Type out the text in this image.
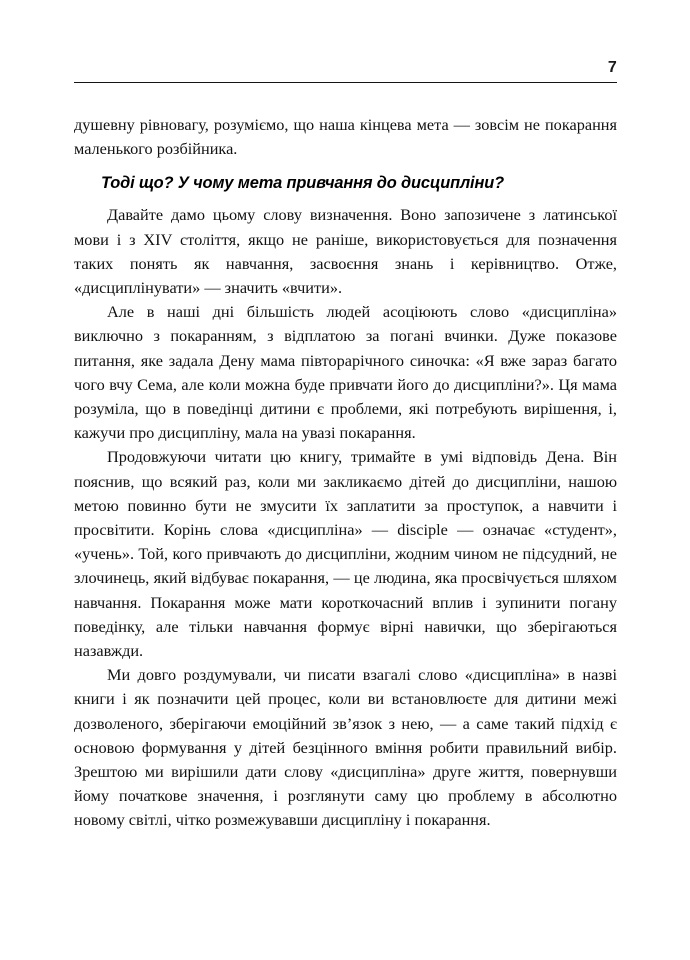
7

душевну рівновагу, розуміємо, що наша кінцева мета — зовсім не покарання маленького розбійника.

Тоді що? У чому мета привчання до дисципліни?

Давайте дамо цьому слову визначення. Воно запозичене з латинської мови і з XIV століття, якщо не раніше, використовується для позначення таких понять як навчання, засвоєння знань і керівництво. Отже, «дисциплінувати» — значить «вчити».

Але в наші дні більшість людей асоціюють слово «дисципліна» виключно з покаранням, з відплатою за погані вчинки. Дуже показове питання, яке задала Дену мама півторарічного синочка: «Я вже зараз багато чого вчу Сема, але коли можна буде привчати його до дисципліни?». Ця мама розуміла, що в поведінці дитини є проблеми, які потребують вирішення, і, кажучи про дисципліну, мала на увазі покарання.

Продовжуючи читати цю книгу, тримайте в умі відповідь Дена. Він пояснив, що всякий раз, коли ми закликаємо дітей до дисципліни, нашою метою повинно бути не змусити їх заплатити за проступок, а навчити і просвітити. Корінь слова «дисципліна» — disciple — означає «студент», «учень». Той, кого привчають до дисципліни, жодним чином не підсудний, не злочинець, який відбуває покарання, — це людина, яка просвічується шляхом навчання. Покарання може мати короткочасний вплив і зупинити погану поведінку, але тільки навчання формує вірні навички, що зберігаються назавжди.

Ми довго роздумували, чи писати взагалі слово «дисципліна» в назві книги і як позначити цей процес, коли ви встановлюєте для дитини межі дозволеного, зберігаючи емоційний зв’язок з нею, — а саме такий підхід є основою формування у дітей безцінного вміння робити правильний вибір. Зрештою ми вирішили дати слову «дисципліна» друге життя, повернувши йому початкове значення, і розглянути саму цю проблему в абсолютно новому світлі, чітко розмежувавши дисципліну і покарання.
